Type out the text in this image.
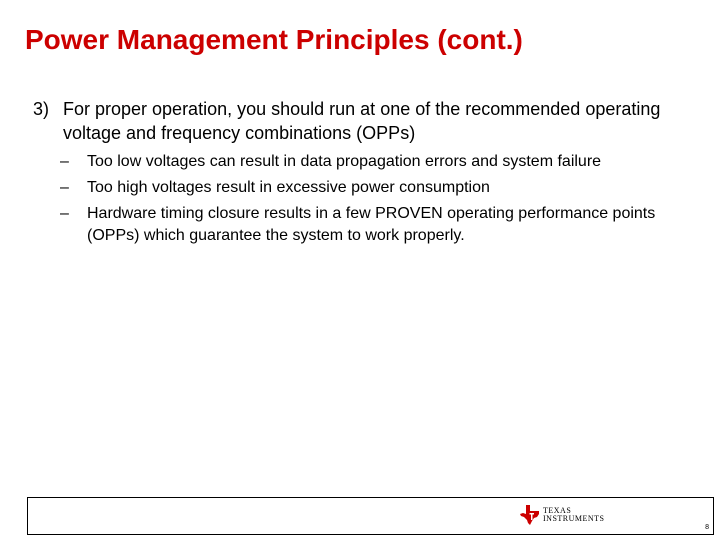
Power Management Principles (cont.)
3) For proper operation, you should run at one of the recommended operating voltage and frequency combinations (OPPs)
–	Too low voltages can result in data propagation errors and system failure
–	Too high voltages result in excessive power consumption
–	Hardware timing closure results in a few PROVEN operating performance points (OPPs) which guarantee the system to work properly.
TEXAS
INSTRUMENTS
8
